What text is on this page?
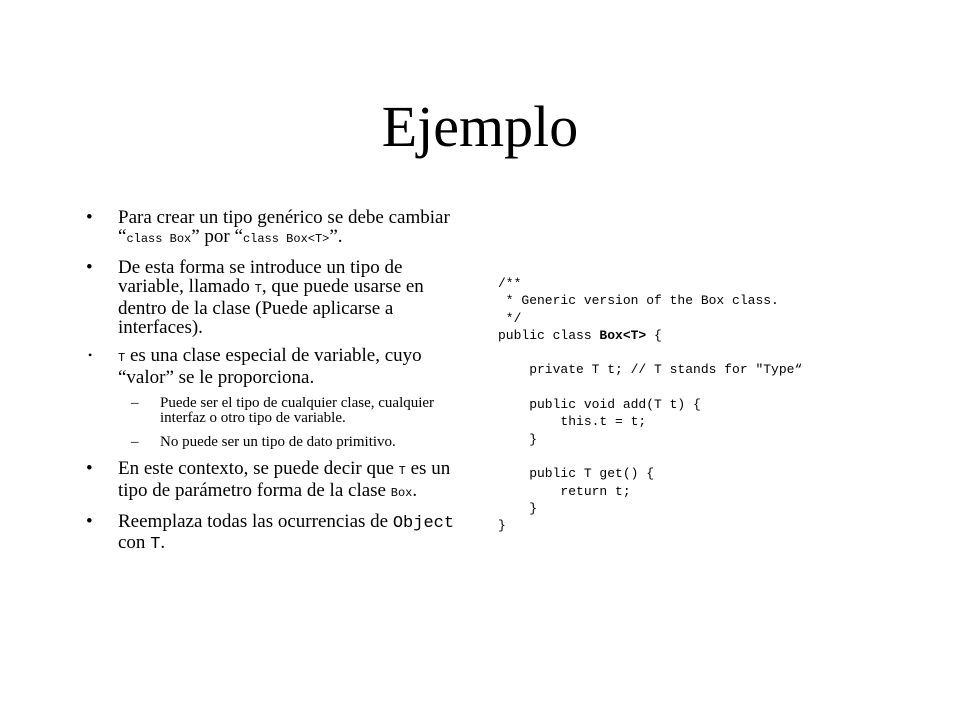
Ejemplo
• Para crear un tipo genérico se debe cambiar “class Box” por “class Box<T>”.
• De esta forma se introduce un tipo de variable, llamado T, que puede usarse en dentro de la clase (Puede aplicarse a interfaces).
• T es una clase especial de variable, cuyo “valor” se le proporciona.
– Puede ser el tipo de cualquier clase, cualquier interfaz o otro tipo de variable.
– No puede ser un tipo de dato primitivo.
• En este contexto, se puede decir que T es un tipo de parámetro forma de la clase Box.
• Reemplaza todas las ocurrencias de Object con T.
/**
* Generic version of the Box class.
*/
public class Box<T> {

private T t; // T stands for "Type“

public void add(T t) {
this.t = t;
}

public T get() {
return t;
}
}
